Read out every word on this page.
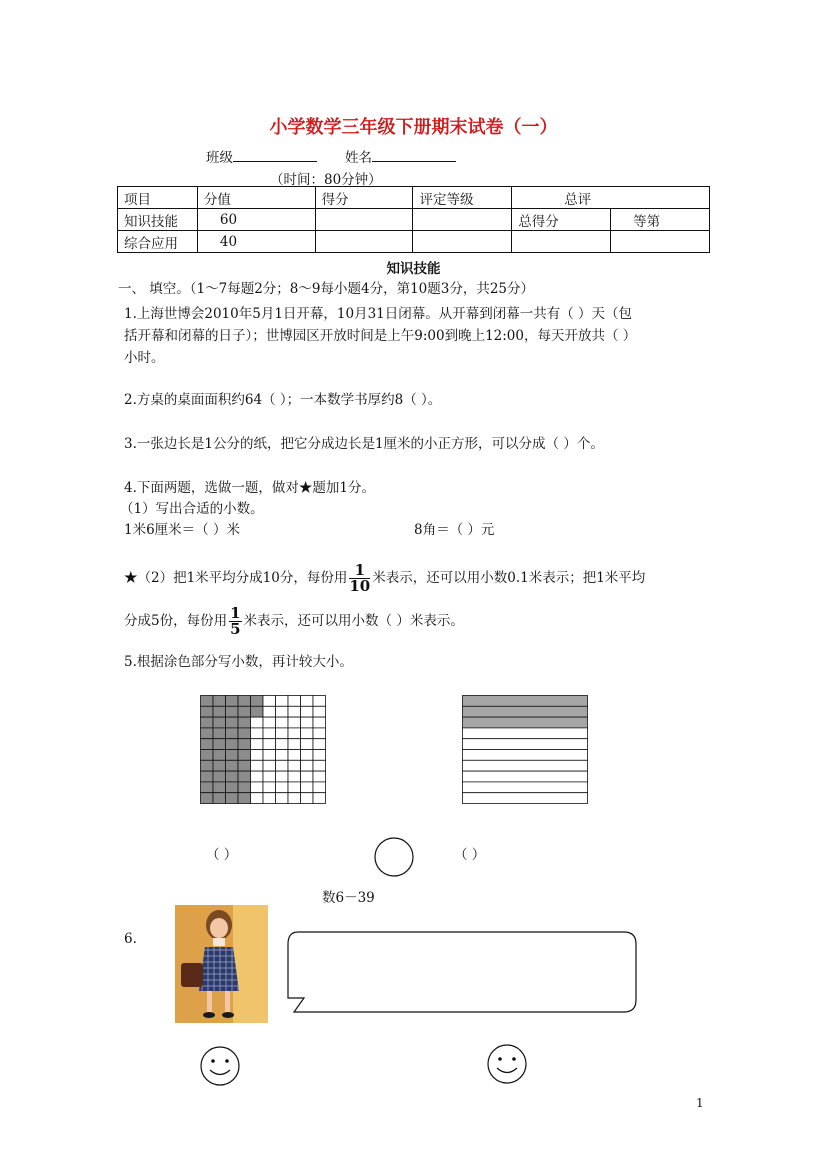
小学数学三年级下册期末试卷（一）
班级	姓名
（时间：80分钟）
项目	分值	得分	评定等级	总评	
知识技能	60			总得分	等第
综合应用	40				
知识技能
一、 填空。（1～7每题2分；8～9每小题4分，第10题3分，共25分）
1.上海世博会2010年5月1日开幕，10月31日闭幕。从开幕到闭幕一共有（ ）天（包
括开幕和闭幕的日子）；世博园区开放时间是上午9:00到晚上12:00，每天开放共（ ）
小时。
2.方桌的桌面面积约64（ ）；一本数学书厚约8（ ）。
3.一张边长是1公分的纸，把它分成边长是1厘米的小正方形，可以分成（ ）个。
4.下面两题，选做一题，做对★题加1分。
（1）写出合适的小数。
1米6厘米＝（ ）米	8角＝（ ）元
★（2）把1米平均分成10分，每份用 $\frac{1}{10}$ 米表示，还可以用小数0.1米表示；把1米平均
分成5份，每份用 $\frac{1}{5}$ 米表示，还可以用小数（ ）米表示。
5.根据涂色部分写小数，再计较大小。
（ ）	（ ）
数6－39
6.
1
